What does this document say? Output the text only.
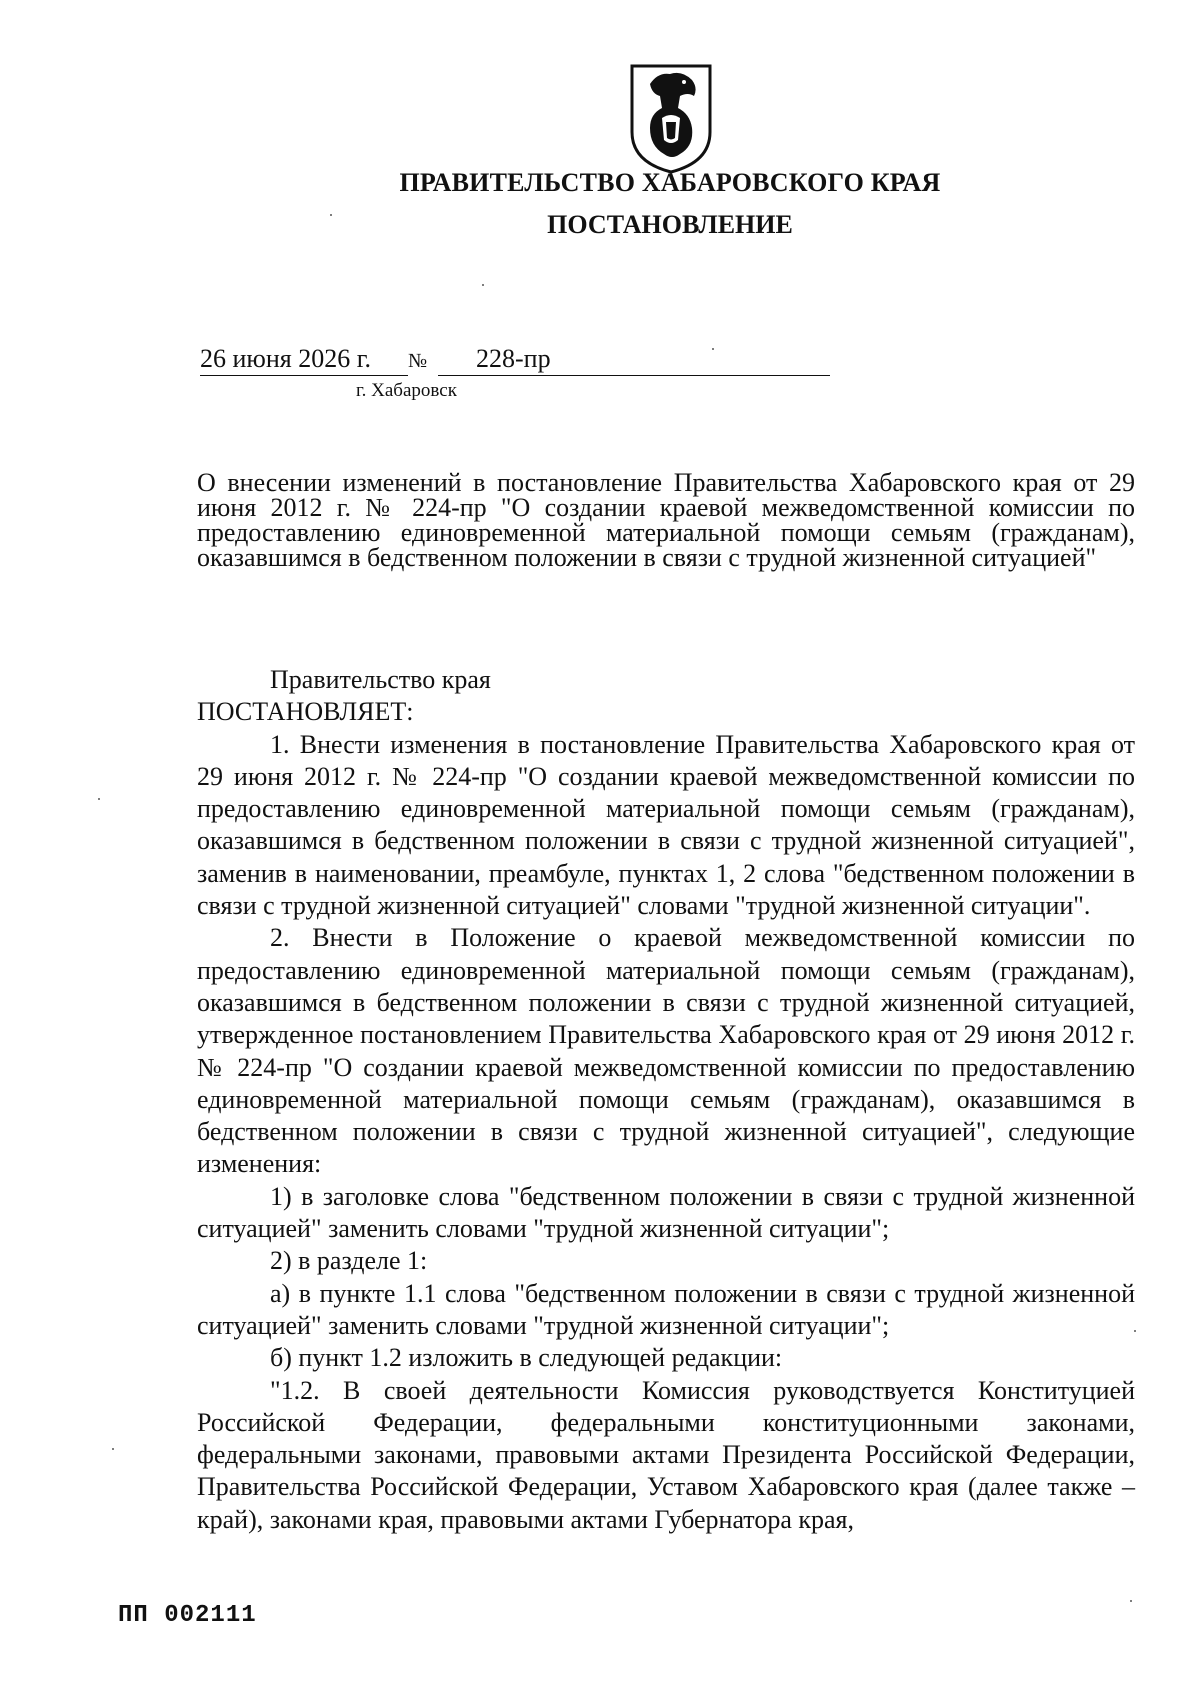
ПРАВИТЕЛЬСТВО ХАБАРОВСКОГО КРАЯ
ПОСТАНОВЛЕНИЕ
26 июня 2026 г. № 228-пр
г. Хабаровск
О внесении изменений в постановление Правительства Хабаровского края от 29 июня 2012 г. № 224-пр "О создании краевой межведомственной комиссии по предоставлению единовременной материальной помощи семьям (гражданам), оказавшимся в бедственном положении в связи с трудной жизненной ситуацией"

Правительство края

ПОСТАНОВЛЯЕТ:

1. Внести изменения в постановление Правительства Хабаровского края от 29 июня 2012 г. № 224-пр "О создании краевой межведомственной комиссии по предоставлению единовременной материальной помощи семьям (гражданам), оказавшимся в бедственном положении в связи с трудной жизненной ситуацией", заменив в наименовании, преамбуле, пунктах 1, 2 слова "бедственном положении в связи с трудной жизненной ситуацией" словами "трудной жизненной ситуации".

2. Внести в Положение о краевой межведомственной комиссии по предоставлению единовременной материальной помощи семьям (гражданам), оказавшимся в бедственном положении в связи с трудной жизненной ситуацией, утвержденное постановлением Правительства Хабаровского края от 29 июня 2012 г. № 224-пр "О создании краевой межведомственной комиссии по предоставлению единовременной материальной помощи семьям (гражданам), оказавшимся в бедственном положении в связи с трудной жизненной ситуацией", следующие изменения:

1) в заголовке слова "бедственном положении в связи с трудной жизненной ситуацией" заменить словами "трудной жизненной ситуации";

2) в разделе 1:

а) в пункте 1.1 слова "бедственном положении в связи с трудной жизненной ситуацией" заменить словами "трудной жизненной ситуации";

б) пункт 1.2 изложить в следующей редакции:

"1.2. В своей деятельности Комиссия руководствуется Конституцией Российской Федерации, федеральными конституционными законами, федеральными законами, правовыми актами Президента Российской Федерации, Правительства Российской Федерации, Уставом Хабаровского края (далее также – край), законами края, правовыми актами Губернатора края,

ПП 002111
